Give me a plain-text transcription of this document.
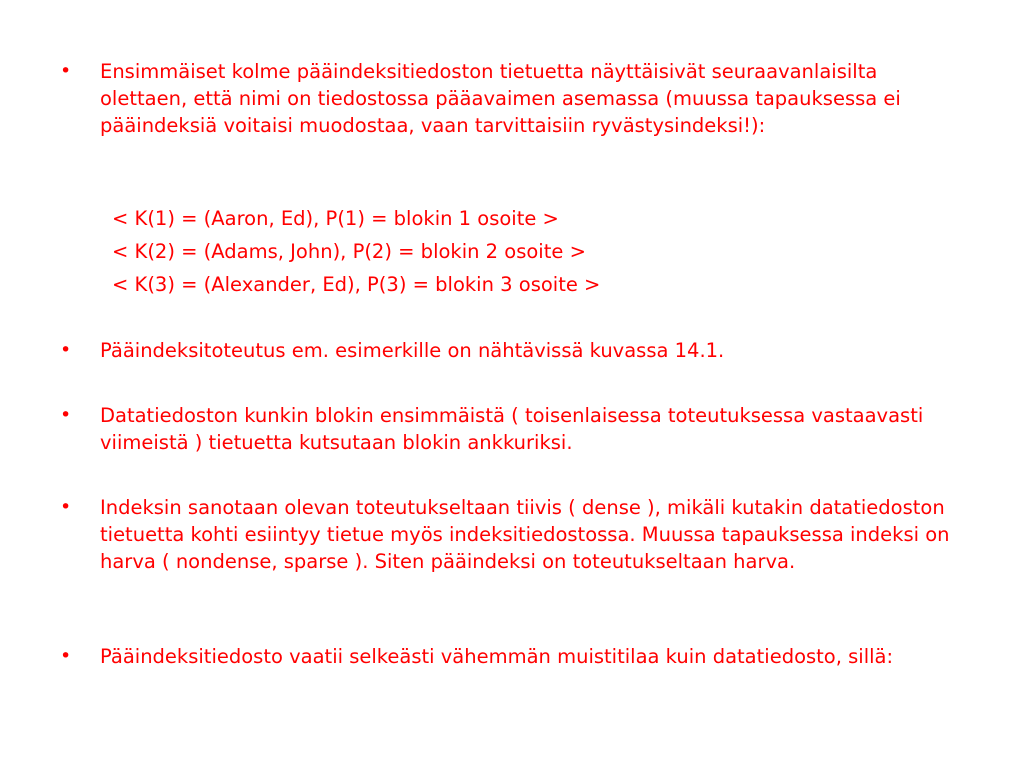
•	Ensimmäiset kolme pääindeksitiedoston tietuetta näyttäisivät seuraavanlaisilta olettaen, että nimi on tiedostossa pääavaimen asemassa (muussa tapauksessa ei pääindeksiä voitaisi muodostaa, vaan tarvittaisiin ryvästysindeksi!):
< K(1) = (Aaron, Ed), P(1) = blokin 1 osoite >
< K(2) = (Adams, John), P(2) = blokin 2 osoite >
< K(3) = (Alexander, Ed), P(3) = blokin 3 osoite >
•	Pääindeksitoteutus em. esimerkille on nähtävissä kuvassa 14.1.
•	Datatiedoston kunkin blokin ensimmäistä ( toisenlaisessa toteutuksessa vastaavasti viimeistä ) tietuetta kutsutaan blokin ankkuriksi.
•	Indeksin sanotaan olevan toteutukseltaan tiivis ( dense ), mikäli kutakin datatiedoston tietuetta kohti esiintyy tietue myös indeksitiedostossa. Muussa tapauksessa indeksi on harva ( nondense, sparse ). Siten pääindeksi on toteutukseltaan harva.
•	Pääindeksitiedosto vaatii selkeästi vähemmän muistitilaa kuin datatiedosto, sillä:
